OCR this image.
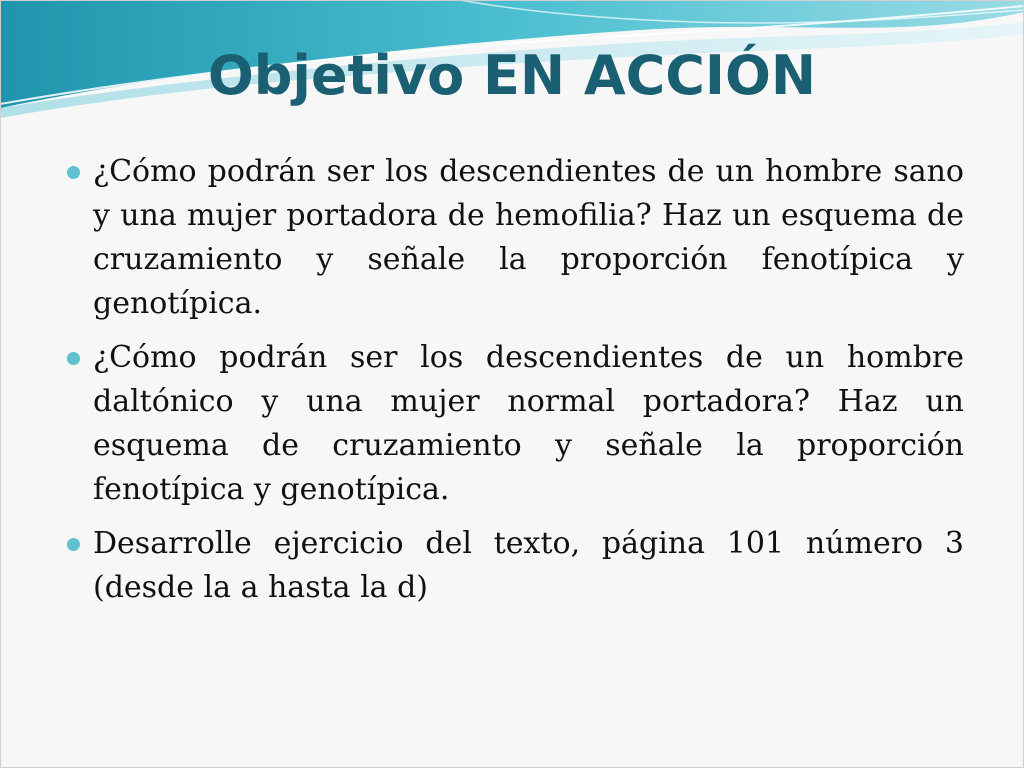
Objetivo EN ACCIÓN
¿Cómo podrán ser los descendientes de un hombre sano y una mujer portadora de hemofilia? Haz un esquema de cruzamiento y señale la proporción fenotípica y genotípica.
¿Cómo podrán ser los descendientes de un hombre daltónico y una mujer normal portadora? Haz un esquema de cruzamiento y señale la proporción fenotípica y genotípica.
Desarrolle ejercicio del texto, página 101 número 3 (desde la a hasta la d)
